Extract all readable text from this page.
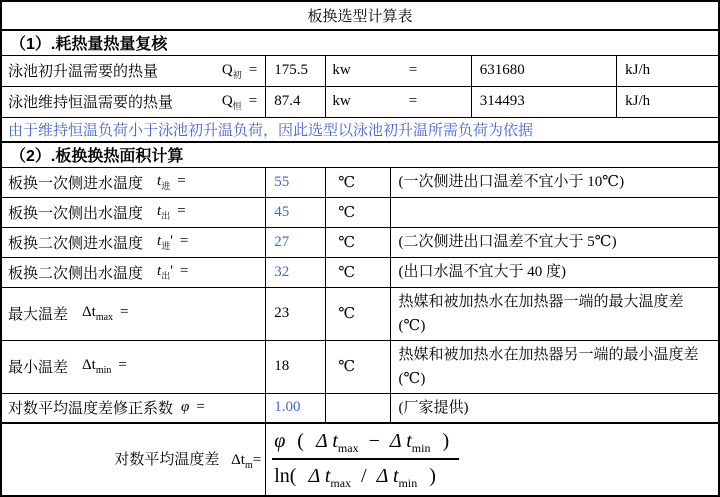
板换选型计算表					
（1）.耗热量热量复核					

泳池初升温需要的热量 $Q_初$ =	175.5	kw =		631680	kJ/h

泳池维持恒温需要的热量 $Q_恒$ =	87.4	kw =		314493	kJ/h
由于维持恒温负荷小于泳池初升温负荷，因此选型以泳池初升温所需负荷为依据					
（2）.板换换热面积计算					

板换一次侧进水温度 $t_进$ =	55	℃	(一次侧进出口温差不宜小于 10℃)		

板换一次侧出水温度 $t_出$ =	45	℃			

板换二次侧进水温度 $t_进'$ =	27	℃	(二次侧进出口温差不宜大于 5℃)		

板换二次侧出水温度 $t_出'$ =	32	℃	(出口水温不宜大于 40 度)		

最大温差 $\Delta t_{max}$ =	23	℃	热媒和被加热水在加热器一端的最大温度差(℃)		

最小温差 $\Delta t_{min}$ =	18	℃	热媒和被加热水在加热器另一端的最小温度差(℃)		

对数平均温度差修正系数 φ =	1.00		(厂家提供)		
对数平均温度差 $\Delta t_m=$	$\frac{\varphi ( \Delta t_{max} - \Delta t_{min} )}{\ln( \Delta t_{max} / \Delta t_{min} )}$
